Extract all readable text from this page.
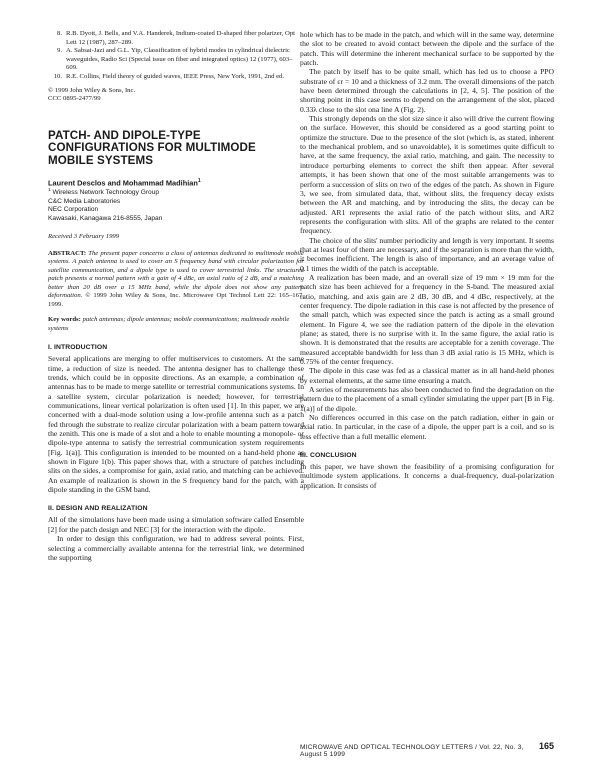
8. R.B. Dyott, J. Bells, and V.A. Handerek, Indium-coated D-shaped fiber polarizer, Opt Lett 12 (1987), 287–289.
9. A. Sabsai-Jazi and G.L. Yip, Classification of hybrid modes in cylindrical dielectric waveguides, Radio Sci (Special issue on fiber and integrated optics) 12 (1977), 603–609.
10. R.E. Collins, Field theory of guided waves, IEEE Press, New York, 1991, 2nd ed.
© 1999 John Wiley & Sons, Inc.
CCC 0895-2477/99
PATCH- AND DIPOLE-TYPE
CONFIGURATIONS FOR MULTIMODE
MOBILE SYSTEMS
Laurent Desclos and Mohammad Madihian$^1$
$^1$ Wireless Network Technology Group
C&C Media Laboratories
NEC Corporation
Kawasaki, Kanagawa 216-8555, Japan
Received 3 February 1999
ABSTRACT: The present paper concerns a class of antennas dedicated to multimode mobile systems. A patch antenna is used to cover an S frequency band with circular polarization for satellite communication, and a dipole type is used to cover terrestrial links. The structured patch presents a normal pattern with a gain of 4 dBc, an axial ratio of 2 dB, and a matching better than 20 dB over a 15 MHz band, while the dipole does not show any pattern deformation. © 1999 John Wiley & Sons, Inc. Microwave Opt Technol Lett 22: 165–167, 1999.
Key words: patch antennas; dipole antennas; mobile communications; multimode mobile systems
I. INTRODUCTION

Several applications are merging to offer multiservices to customers. At the same time, a reduction of size is needed. The antenna designer has to challenge these trends, which could be in opposite directions. As an example, a combination of antennas has to be made to merge satellite or terrestrial communications systems. In a satellite system, circular polarization is needed; however, for terrestrial communications, linear vertical polarization is often used [1]. In this paper, we are concerned with a dual-mode solution using a low-profile antenna such as a patch fed through the substrate to realize circular polarization with a beam pattern toward the zenith. This one is made of a slot and a hole to enable mounting a monopole- or dipole-type antenna to satisfy the terrestrial communication system requirements [Fig. 1(a)]. This configuration is intended to be mounted on a hand-held phone as shown in Figure 1(b). This paper shows that, with a structure of patches including slits on the sides, a compromise for gain, axial ratio, and matching can be achieved. An example of realization is shown in the S frequency band for the patch, with a dipole standing in the GSM band.

II. DESIGN AND REALIZATION

All of the simulations have been made using a simulation software called Ensemble [2] for the patch design and NEC [3] for the interaction with the dipole.

In order to design this configuration, we had to address several points. First, selecting a commercially available antenna for the terrestrial link, we determined the supporting

hole which has to be made in the patch, and which will in the same way, determine the slot to be created to avoid contact between the dipole and the surface of the patch. This will determine the inherent mechanical surface to be supported by the patch.

The patch by itself has to be quite small, which has led us to choose a PPO substrate of εr = 10 and a thickness of 3.2 mm. The overall dimensions of the patch have been determined through the calculations in [2, 4, 5]. The position of the shorting point in this case seems to depend on the arrangement of the slot, placed 0.33λ close to the slot ona line A (Fig. 2).

This strongly depends on the slot size since it also will drive the current flowing on the surface. However, this should be considered as a good starting point to optimize the structure. Due to the presence of the slot (which is, as stated, inherent to the mechanical problem, and so unavoidable), it is sometimes quite difficult to have, at the same frequency, the axial ratio, matching, and gain. The necessity to introduce perturbing elements to correct the shift then appear. After several attempts, it has been shown that one of the most suitable arrangements was to perform a succession of slits on two of the edges of the patch. As shown in Figure 3, we see, from simulated data, that, without slits, the frequency decay exists between the AR and matching, and by introducing the slits, the decay can be adjusted. AR1 represents the axial ratio of the patch without slits, and AR2 represents the configuration with slits. All of the graphs are related to the center frequency.

The choice of the slits' number periodicity and length is very important. It seems that at least four of them are necessary, and if the separation is more than the width, it becomes inefficient. The length is also of importance, and an average value of 0.1 times the width of the patch is acceptable.

A realization has been made, and an overall size of 19 mm × 19 mm for the patch size has been achieved for a frequency in the S-band. The measured axial ratio, matching, and axis gain are 2 dB, 30 dB, and 4 dBc, respectively, at the center frequency. The dipole radiation in this case is not affected by the presence of the small patch, which was expected since the patch is acting as a small ground element. In Figure 4, we see the radiation pattern of the dipole in the elevation plane; as stated, there is no surprise with it. In the same figure, the axial ratio is shown. It is demonstrated that the results are acceptable for a zenith coverage. The measured acceptable bandwidth for less than 3 dB axial ratio is 15 MHz, which is 0.75% of the center frequency.

The dipole in this case was fed as a classical matter as in all hand-held phones by external elements, at the same time ensuring a match.

A series of measurements has also been conducted to find the degradation on the pattern due to the placement of a small cylinder simulating the upper part [B in Fig. 1(a)] of the dipole.

No differences occurred in this case on the patch radiation, either in gain or axial ratio. In particular, in the case of a dipole, the upper part is a coil, and so is less effective than a full metallic element.

III. CONCLUSION

In this paper, we have shown the feasibility of a promising configuration for multimode system applications. It concerns a dual-frequency, dual-polarization application. It consists of

MICROWAVE AND OPTICAL TECHNOLOGY LETTERS / Vol. 22, No. 3, August 5 1999
165
